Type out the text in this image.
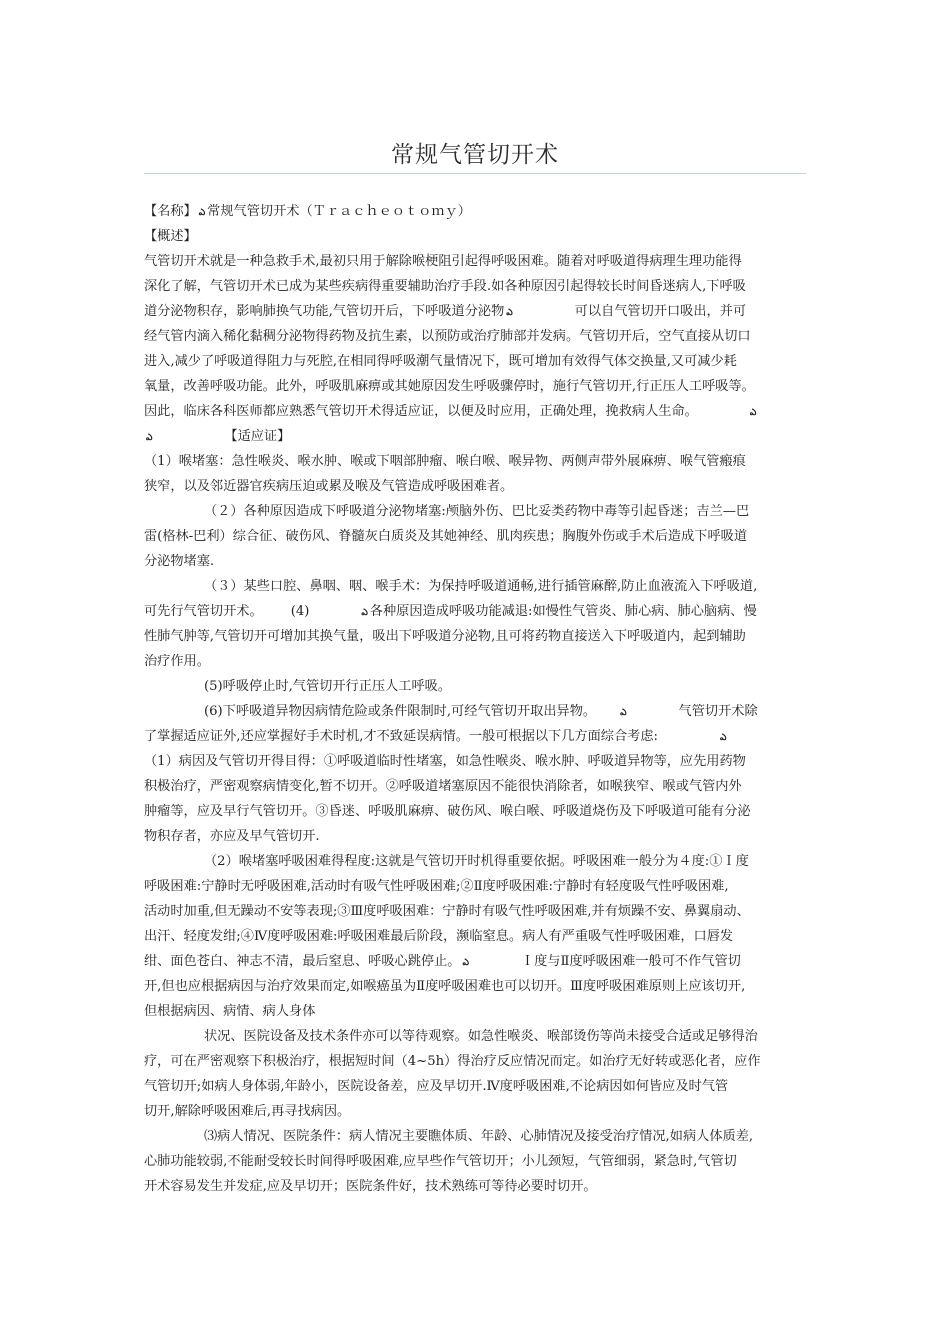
常规气管切开术
【名称】 ఎ 常规气管切开术（Ｔｒａｃｈｅｏｔｏｍｙ）
【概述】
气管切开术就是一种急救手术,最初只用于解除喉梗阻引起得呼吸困难。随着对呼吸道得病理生理功能得
深化了解，气管切开术已成为某些疾病得重要辅助治疗手段.如各种原因引起得较长时间昏迷病人,下呼吸
道分泌物积存，影响肺换气功能,气管切开后，下呼吸道分泌物 ఎ	可以自气管切开口吸出，并可
经气管内滴入稀化黏稠分泌物得药物及抗生素，以预防或治疗肺部并发病。气管切开后，空气直接从切口
进入,减少了呼吸道得阻力与死腔,在相同得呼吸潮气量情况下，既可增加有效得气体交换量,又可减少耗
氧量，改善呼吸功能。此外，呼吸肌麻痹或其她原因发生呼吸骤停时，施行气管切开,行正压人工呼吸等。
因此，临床各科医师都应熟悉气管切开术得适应证，以便及时应用，正确处理，挽救病人生命。	ఎ
ఎ	【适应证】
（1）喉堵塞：急性喉炎、喉水肿、喉或下咽部肿瘤、喉白喉、喉异物、两侧声带外展麻痹、喉气管瘢痕
狭窄，以及邻近器官疾病压迫或累及喉及气管造成呼吸困难者。
（２）各种原因造成下呼吸道分泌物堵塞:颅脑外伤、巴比妥类药物中毒等引起昏迷；吉兰—巴
雷(格林-巴利）综合征、破伤风、脊髓灰白质炎及其她神经、肌肉疾患；胸腹外伤或手术后造成下呼吸道
分泌物堵塞.
（３）某些口腔、鼻咽、咽、喉手术：为保持呼吸道通畅,进行插管麻醉,防止血液流入下呼吸道,
可先行气管切开术。 (4)	ఎ 各种原因造成呼吸功能减退:如慢性气管炎、肺心病、肺心脑病、慢
性肺气肿等,气管切开可增加其换气量，吸出下呼吸道分泌物,且可将药物直接送入下呼吸道内，起到辅助
治疗作用。
(5)呼吸停止时,气管切开行正压人工呼吸。
(6)下呼吸道异物因病情危险或条件限制时,可经气管切开取出异物。	ఎ	气管切开术除
了掌握适应证外,还应掌握好手术时机,才不致延误病情。一般可根据以下几方面综合考虑:	ఎ
（1）病因及气管切开得目得：①呼吸道临时性堵塞，如急性喉炎、喉水肿、呼吸道异物等，应先用药物
积极治疗，严密观察病情变化,暂不切开。②呼吸道堵塞原因不能很快消除者，如喉狭窄、喉或气管内外
肿瘤等，应及早行气管切开。③昏迷、呼吸肌麻痹、破伤风、喉白喉、呼吸道烧伤及下呼吸道可能有分泌
物积存者，亦应及早气管切开.
（2）喉堵塞呼吸困难得程度:这就是气管切开时机得重要依据。呼吸困难一般分为４度:①Ｉ度
呼吸困难:宁静时无呼吸困难,活动时有吸气性呼吸困难;②Ⅱ度呼吸困难:宁静时有轻度吸气性呼吸困难,
活动时加重,但无躁动不安等表现;③Ⅲ度呼吸困难：宁静时有吸气性呼吸困难,并有烦躁不安、鼻翼扇动、
出汗、轻度发绀;④Ⅳ度呼吸困难:呼吸困难最后阶段，濒临窒息。病人有严重吸气性呼吸困难，口唇发
绀、面色苍白、神志不清，最后窒息、呼吸心跳停止。 ఎ	Ｉ度与Ⅱ度呼吸困难一般可不作气管切
开,但也应根据病因与治疗效果而定,如喉癌虽为Ⅱ度呼吸困难也可以切开。Ⅲ度呼吸困难原则上应该切开,
但根据病因、病情、病人身体
状况、医院设备及技术条件亦可以等待观察。如急性喉炎、喉部烫伤等尚未接受合适或足够得治
疗，可在严密观察下积极治疗，根据短时间（4~5h）得治疗反应情况而定。如治疗无好转或恶化者，应作
气管切开;如病人身体弱,年龄小，医院设备差，应及早切开.Ⅳ度呼吸困难,不论病因如何皆应及时气管
切开,解除呼吸困难后,再寻找病因。
⑶病人情况、医院条件：病人情况主要瞧体质、年龄、心肺情况及接受治疗情况,如病人体质差,
心肺功能较弱,不能耐受较长时间得呼吸困难,应早些作气管切开；小儿颈短，气管细弱，紧急时,气管切
开术容易发生并发症,应及早切开；医院条件好，技术熟练可等待必要时切开。
